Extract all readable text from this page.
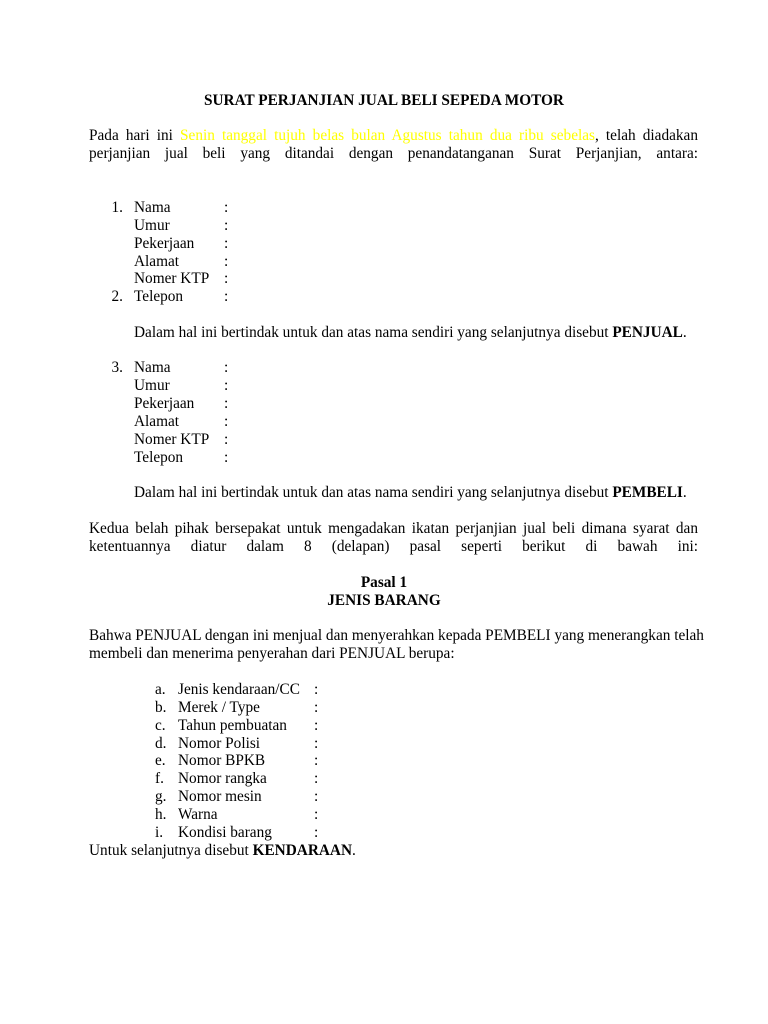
SURAT PERJANJIAN JUAL BELI SEPEDA MOTOR
Pada hari ini Senin tanggal tujuh belas bulan Agustus tahun dua ribu sebelas, telah diadakan
perjanjian jual beli yang ditandai dengan penandatanganan Surat Perjanjian, antara:
1. Nama	:
Umur	:
Pekerjaan :
Alamat	:
Nomer KTP :
2. Telepon	:
Dalam hal ini bertindak untuk dan atas nama sendiri yang selanjutnya disebut PENJUAL.
3. Nama	:
Umur	:
Pekerjaan :
Alamat	:
Nomer KTP :
Telepon	:
Dalam hal ini bertindak untuk dan atas nama sendiri yang selanjutnya disebut PEMBELI.
Kedua belah pihak bersepakat untuk mengadakan ikatan perjanjian jual beli dimana syarat dan
ketentuannya diatur dalam 8 (delapan) pasal seperti berikut di bawah ini:
Pasal 1
JENIS BARANG
Bahwa PENJUAL dengan ini menjual dan menyerahkan kepada PEMBELI yang menerangkan telah
membeli dan menerima penyerahan dari PENJUAL berupa:
a. Jenis kendaraan/CC :
b. Merek / Type	:
c. Tahun pembuatan :
d. Nomor Polisi	:
e. Nomor BPKB	:
f. Nomor rangka	:
g. Nomor mesin	:
h. Warna	:
i. Kondisi barang	:
Untuk selanjutnya disebut KENDARAAN.
